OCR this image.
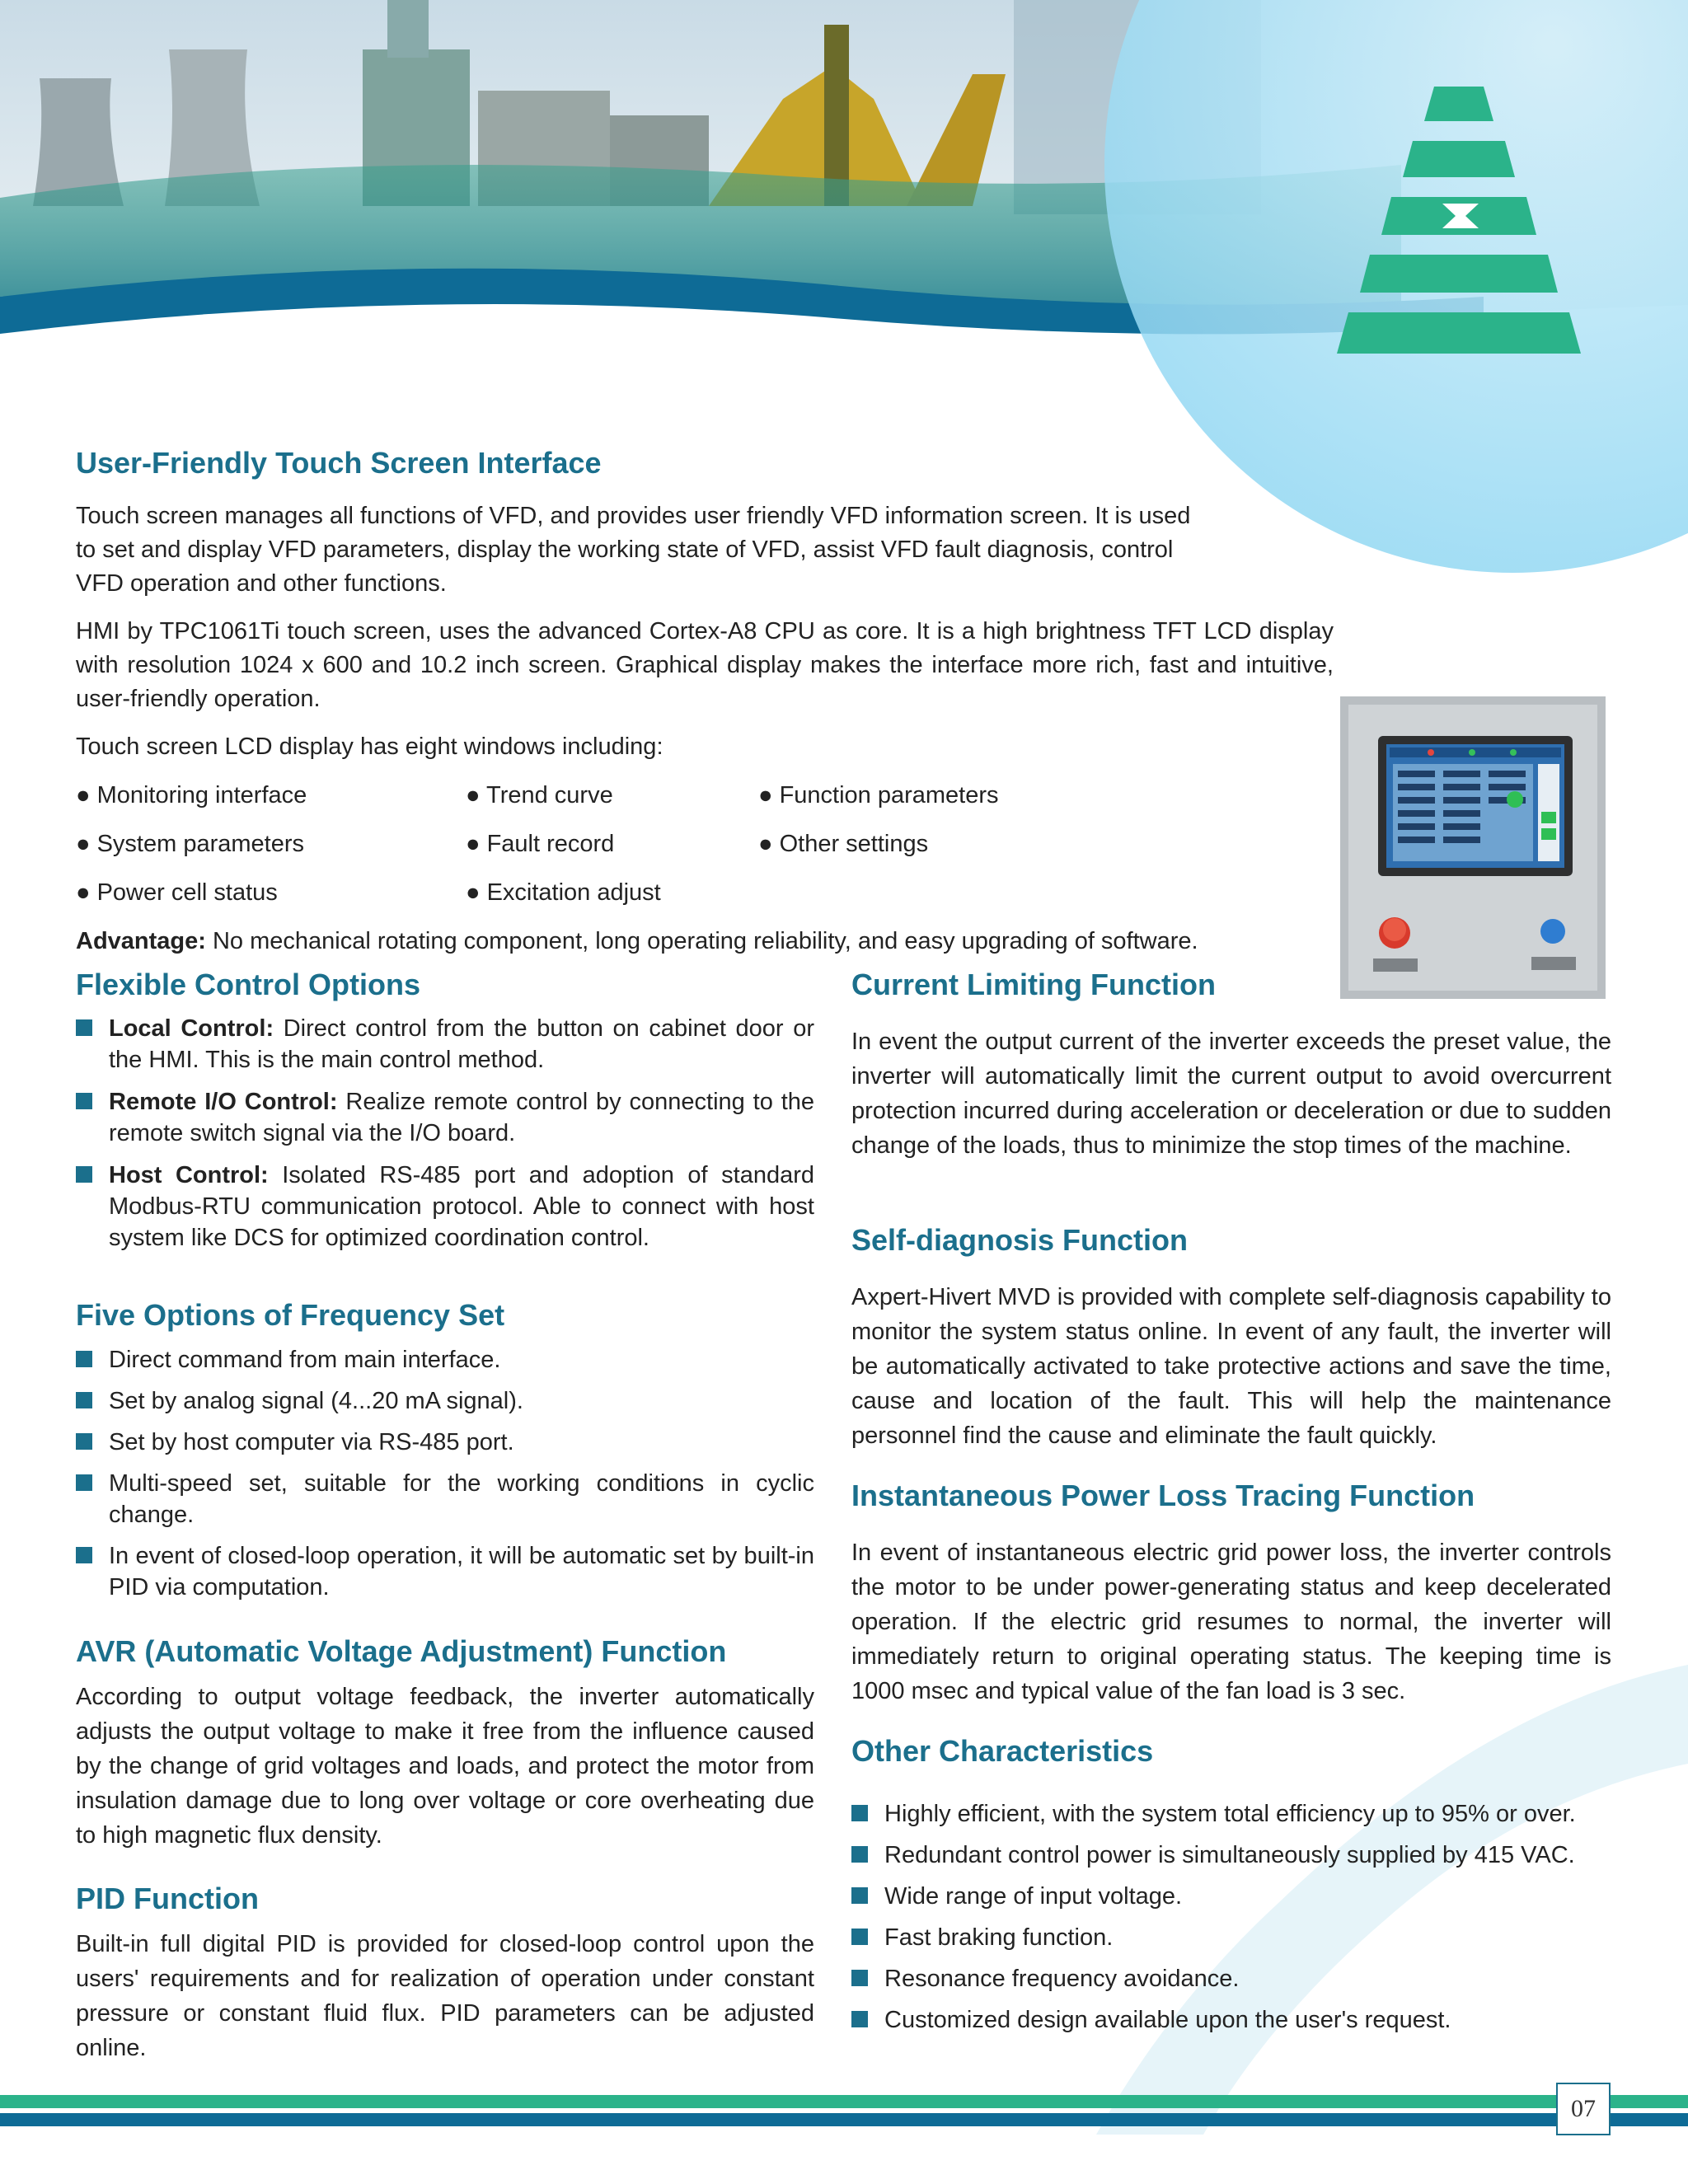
User-Friendly Touch Screen Interface

Touch screen manages all functions of VFD, and provides user friendly VFD information screen. It is used to set and display VFD parameters, display the working state of VFD, assist VFD fault diagnosis, control VFD operation and other functions.

HMI by TPC1061Ti touch screen, uses the advanced Cortex-A8 CPU as core. It is a high brightness TFT LCD display with resolution 1024 x 600 and 10.2 inch screen. Graphical display makes the interface more rich, fast and intuitive, user-friendly operation.

Touch screen LCD display has eight windows including:

● Monitoring interface	● Trend curve	● Function parameters
● System parameters	● Fault record	● Other settings
● Power cell status	● Excitation adjust

Advantage: No mechanical rotating component, long operating reliability, and easy upgrading of software.

Flexible Control Options
Local Control: Direct control from the button on cabinet door or the HMI. This is the main control method.
Remote I/O Control: Realize remote control by connecting to the remote switch signal via the I/O board.
Host Control: Isolated RS-485 port and adoption of standard Modbus-RTU communication protocol. Able to connect with host system like DCS for optimized coordination control.
Five Options of Frequency Set
Direct command from main interface.
Set by analog signal (4...20 mA signal).
Set by host computer via RS-485 port.
Multi-speed set, suitable for the working conditions in cyclic change.
In event of closed-loop operation, it will be automatic set by built-in PID via computation.
AVR (Automatic Voltage Adjustment) Function

According to output voltage feedback, the inverter automatically adjusts the output voltage to make it free from the influence caused by the change of grid voltages and loads, and protect the motor from insulation damage due to long over voltage or core overheating due to high magnetic flux density.

PID Function

Built-in full digital PID is provided for closed-loop control upon the users' requirements and for realization of operation under constant pressure or constant fluid flux. PID parameters can be adjusted online.

Current Limiting Function

In event the output current of the inverter exceeds the preset value, the inverter will automatically limit the current output to avoid overcurrent protection incurred during acceleration or deceleration or due to sudden change of the loads, thus to minimize the stop times of the machine.

Self-diagnosis Function

Axpert-Hivert MVD is provided with complete self-diagnosis capability to monitor the system status online. In event of any fault, the inverter will be automatically activated to take protective actions and save the time, cause and location of the fault. This will help the maintenance personnel find the cause and eliminate the fault quickly.

Instantaneous Power Loss Tracing Function

In event of instantaneous electric grid power loss, the inverter controls the motor to be under power-generating status and keep decelerated operation. If the electric grid resumes to normal, the inverter will immediately return to original operating status. The keeping time is 1000 msec and typical value of the fan load is 3 sec.

Other Characteristics
Highly efficient, with the system total efficiency up to 95% or over.
Redundant control power is simultaneously supplied by 415 VAC.
Wide range of input voltage.
Fast braking function.
Resonance frequency avoidance.
Customized design available upon the user's request.
07
